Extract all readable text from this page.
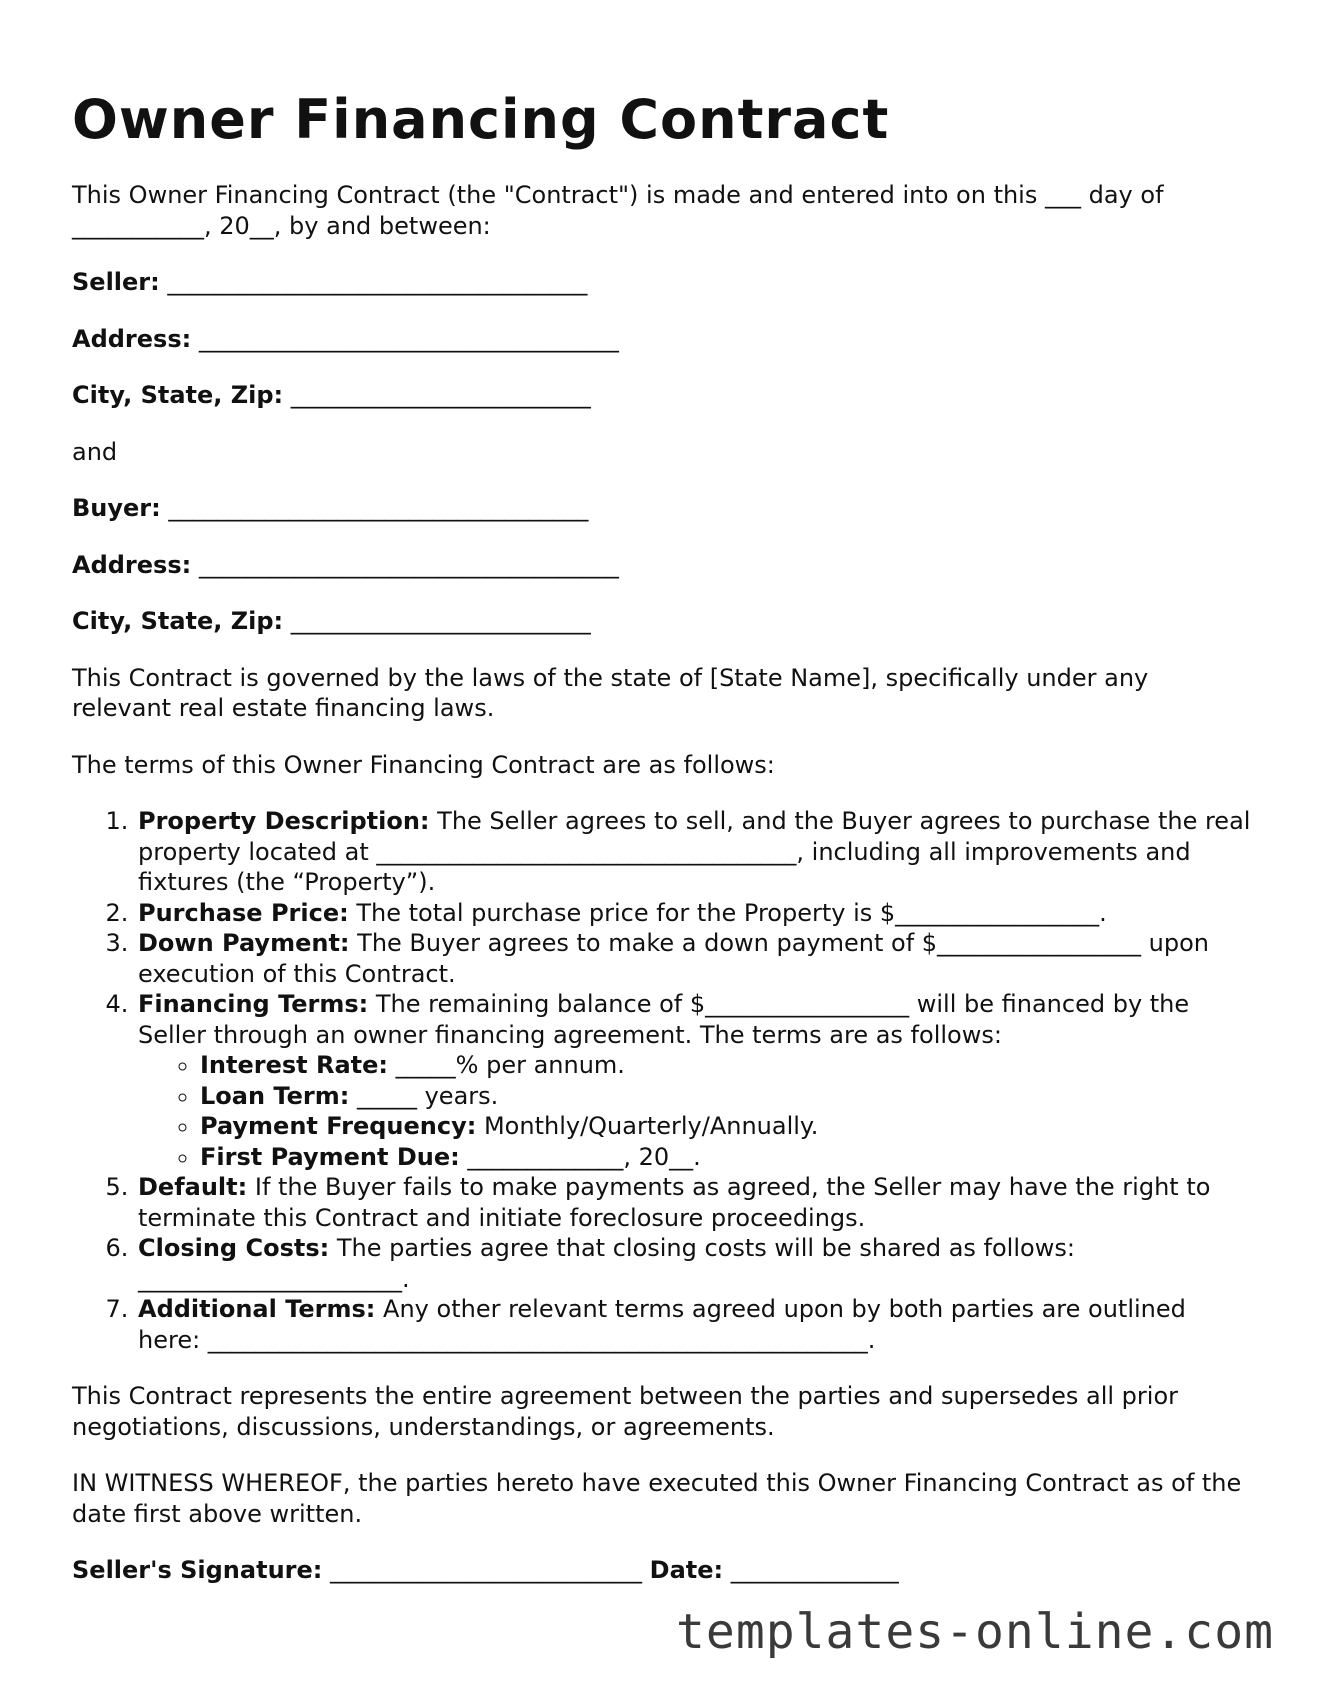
Owner Financing Contract

This Owner Financing Contract (the "Contract") is made and entered into on this ___ day of ___________, 20__, by and between:

Seller: ___________________________________
Address: ___________________________________
City, State, Zip: _________________________

and

Buyer: ___________________________________
Address: ___________________________________
City, State, Zip: _________________________

This Contract is governed by the laws of the state of [State Name], specifically under any relevant real estate financing laws.

The terms of this Owner Financing Contract are as follows:

1. Property Description: The Seller agrees to sell, and the Buyer agrees to purchase the real property located at ___________________________________, including all improvements and fixtures (the “Property”).
2. Purchase Price: The total purchase price for the Property is $_________________.
3. Down Payment: The Buyer agrees to make a down payment of $_________________ upon execution of this Contract.
4. Financing Terms: The remaining balance of $_________________ will be financed by the Seller through an owner financing agreement. The terms are as follows:
◦ Interest Rate: _____% per annum.
◦ Loan Term: _____ years.
◦ Payment Frequency: Monthly/Quarterly/Annually.
◦ First Payment Due: _____________, 20__.
5. Default: If the Buyer fails to make payments as agreed, the Seller may have the right to terminate this Contract and initiate foreclosure proceedings.
6. Closing Costs: The parties agree that closing costs will be shared as follows: ______________________.
7. Additional Terms: Any other relevant terms agreed upon by both parties are outlined here: _______________________________________________________.

This Contract represents the entire agreement between the parties and supersedes all prior negotiations, discussions, understandings, or agreements.

IN WITNESS WHEREOF, the parties hereto have executed this Owner Financing Contract as of the date first above written.

Seller's Signature: __________________________ Date: ______________
templates-online.com
